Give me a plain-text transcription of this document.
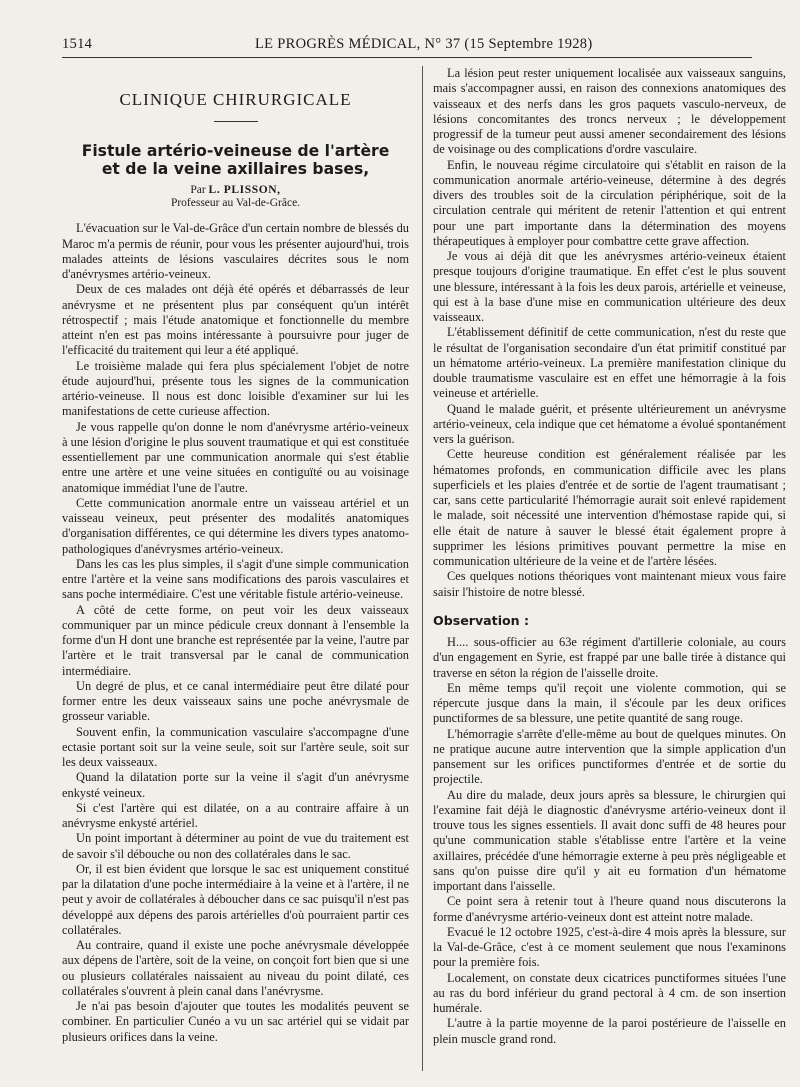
1514	LE PROGRÈS MÉDICAL, N° 37 (15 Septembre 1928)
CLINIQUE CHIRURGICALE
Fistule artério-veineuse de l'artère
et de la veine axillaires bases,
Par L. PLISSON,
Professeur au Val-de-Grâce.

L'évacuation sur le Val-de-Grâce d'un certain nombre de blessés du Maroc m'a permis de réunir, pour vous les présenter aujourd'hui, trois malades atteints de lésions vasculaires décrites sous le nom d'anévrysmes artério-veineux.

Deux de ces malades ont déjà été opérés et débarrassés de leur anévrysme et ne présentent plus par conséquent qu'un intérêt rétrospectif ; mais l'étude anatomique et fonctionnelle du membre atteint n'en est pas moins intéressante à poursuivre pour juger de l'efficacité du traitement qui leur a été appliqué.

Le troisième malade qui fera plus spécialement l'objet de notre étude aujourd'hui, présente tous les signes de la communication artério-veineuse. Il nous est donc loisible d'examiner sur lui les manifestations de cette curieuse affection.

Je vous rappelle qu'on donne le nom d'anévrysme artério-veineux à une lésion d'origine le plus souvent traumatique et qui est constituée essentiellement par une communication anormale qui s'est établie entre une artère et une veine situées en contiguïté ou au voisinage anatomique immédiat l'une de l'autre.

Cette communication anormale entre un vaisseau artériel et un vaisseau veineux, peut présenter des modalités anatomiques d'organisation différentes, ce qui détermine les divers types anatomo-pathologiques d'anévrysmes artério-veineux.

Dans les cas les plus simples, il s'agit d'une simple communication entre l'artère et la veine sans modifications des parois vasculaires et sans poche intermédiaire. C'est une véritable fistule artério-veineuse.

A côté de cette forme, on peut voir les deux vaisseaux communiquer par un mince pédicule creux donnant à l'ensemble la forme d'un H dont une branche est représentée par la veine, l'autre par l'artère et le trait transversal par le canal de communication intermédiaire.

Un degré de plus, et ce canal intermédiaire peut être dilaté pour former entre les deux vaisseaux sains une poche anévrysmale de grosseur variable.

Souvent enfin, la communication vasculaire s'accompagne d'une ectasie portant soit sur la veine seule, soit sur l'artère seule, soit sur les deux vaisseaux.

Quand la dilatation porte sur la veine il s'agit d'un anévrysme enkysté veineux.

Si c'est l'artère qui est dilatée, on a au contraire affaire à un anévrysme enkysté artériel.

Un point important à déterminer au point de vue du traitement est de savoir s'il débouche ou non des collatérales dans le sac.

Or, il est bien évident que lorsque le sac est uniquement constitué par la dilatation d'une poche intermédiaire à la veine et à l'artère, il ne peut y avoir de collatérales à déboucher dans ce sac puisqu'il n'est pas développé aux dépens des parois artérielles d'où pourraient partir ces collatérales.

Au contraire, quand il existe une poche anévrysmale développée aux dépens de l'artère, soit de la veine, on conçoit fort bien que si une ou plusieurs collatérales naissaient au niveau du point dilaté, ces collatérales s'ouvrent à plein canal dans l'anévrysme.

Je n'ai pas besoin d'ajouter que toutes les modalités peuvent se combiner. En particulier Cunéo a vu un sac artériel qui se vidait par plusieurs orifices dans la veine.

La lésion peut rester uniquement localisée aux vaisseaux sanguins, mais s'accompagner aussi, en raison des connexions anatomiques des vaisseaux et des nerfs dans les gros paquets vasculo-nerveux, de lésions concomitantes des troncs nerveux ; le développement progressif de la tumeur peut aussi amener secondairement des lésions de voisinage ou des complications d'ordre vasculaire.

Enfin, le nouveau régime circulatoire qui s'établit en raison de la communication anormale artério-veineuse, détermine à des degrés divers des troubles soit de la circulation périphérique, soit de la circulation centrale qui méritent de retenir l'attention et qui entrent pour une part importante dans la détermination des moyens thérapeutiques à employer pour combattre cette grave affection.

Je vous ai déjà dit que les anévrysmes artério-veineux étaient presque toujours d'origine traumatique. En effet c'est le plus souvent une blessure, intéressant à la fois les deux parois, artérielle et veineuse, qui est à la base d'une mise en communication ultérieure des deux vaisseaux.

L'établissement définitif de cette communication, n'est du reste que le résultat de l'organisation secondaire d'un état primitif constitué par un hématome artério-veineux. La première manifestation clinique du double traumatisme vasculaire est en effet une hémorragie à la fois veineuse et artérielle.

Quand le malade guérit, et présente ultérieurement un anévrysme artério-veineux, cela indique que cet hématome a évolué spontanément vers la guérison.

Cette heureuse condition est généralement réalisée par les hématomes profonds, en communication difficile avec les plans superficiels et les plaies d'entrée et de sortie de l'agent traumatisant ; car, sans cette particularité l'hémorragie aurait soit enlevé rapidement le malade, soit nécessité une intervention d'hémostase rapide qui, si elle était de nature à sauver le blessé était également propre à supprimer les lésions primitives pouvant permettre la mise en communication ultérieure de la veine et de l'artère lésées.

Ces quelques notions théoriques vont maintenant mieux vous faire saisir l'histoire de notre blessé.

Observation :

H.... sous-officier au 63e régiment d'artillerie coloniale, au cours d'un engagement en Syrie, est frappé par une balle tirée à distance qui traverse en séton la région de l'aisselle droite.

En même temps qu'il reçoit une violente commotion, qui se répercute jusque dans la main, il s'écoule par les deux orifices punctiformes de sa blessure, une petite quantité de sang rouge.

L'hémorragie s'arrête d'elle-même au bout de quelques minutes. On ne pratique aucune autre intervention que la simple application d'un pansement sur les orifices punctiformes d'entrée et de sortie du projectile.

Au dire du malade, deux jours après sa blessure, le chirurgien qui l'examine fait déjà le diagnostic d'anévrysme artério-veineux dont il trouve tous les signes essentiels. Il avait donc suffi de 48 heures pour qu'une communication stable s'établisse entre l'artère et la veine axillaires, précédée d'une hémorragie externe à peu près négligeable et sans qu'on puisse dire qu'il y ait eu formation d'un hématome important dans l'aisselle.

Ce point sera à retenir tout à l'heure quand nous discuterons la forme d'anévrysme artério-veineux dont est atteint notre malade.

Evacué le 12 octobre 1925, c'est-à-dire 4 mois après la blessure, sur la Val-de-Grâce, c'est à ce moment seulement que nous l'examinons pour la première fois.

Localement, on constate deux cicatrices punctiformes situées l'une au ras du bord inférieur du grand pectoral à 4 cm. de son insertion humérale.

L'autre à la partie moyenne de la paroi postérieure de l'aisselle en plein muscle grand rond.
